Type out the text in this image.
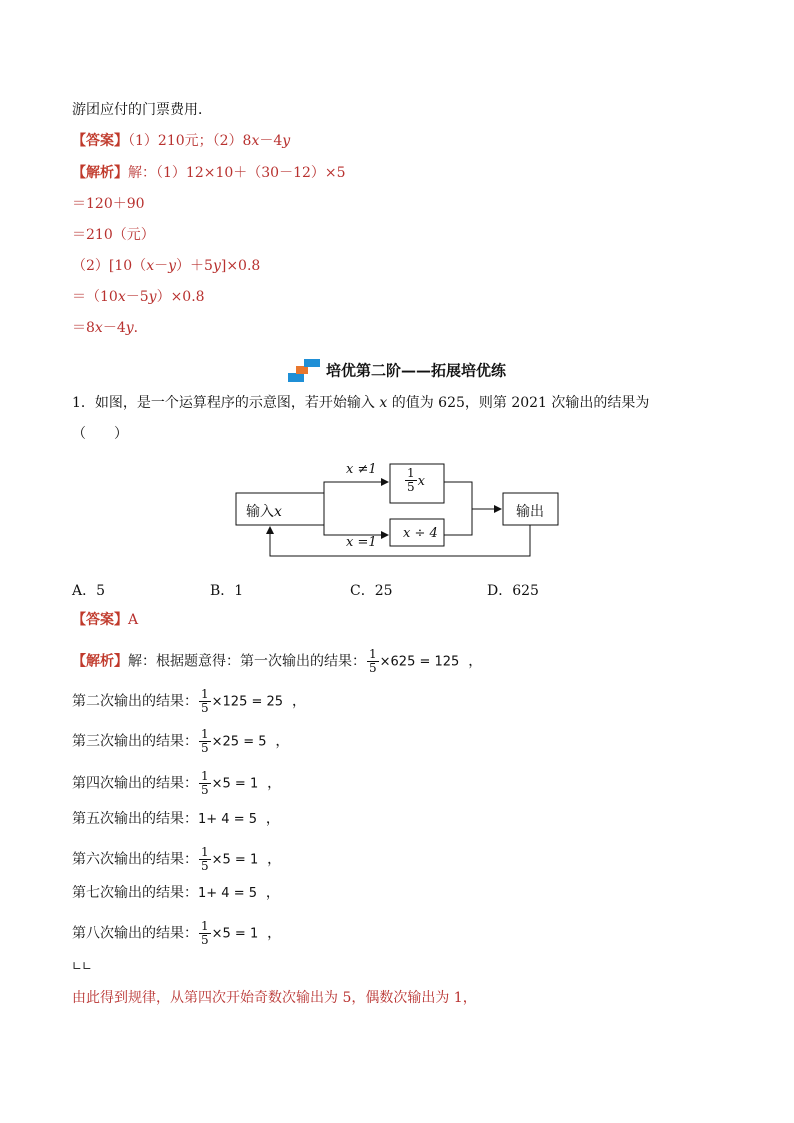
游团应付的门票费用．
【答案】（1）210元；（2）8x－4y
【解析】解：（1）12×10＋（30－12）×5
＝120＋90
＝210（元）
（2）[10（x－y）＋5y]×0.8
＝（10x－5y）×0.8
＝8x－4y．
培优第二阶——拓展培优练
1．如图，是一个运算程序的示意图，若开始输入 x 的值为 625，则第 2021 次输出的结果为
（　　）
输入x
x ≠1
x =1
$\frac{1}{5}$ x
x ÷ 4
输出
A．5	B．1	C．25	D．625
【答案】A
【解析】解：根据题意得：第一次输出的结果： $\frac{1}{5} \times 625 = 125$ ，
第二次输出的结果： $\frac{1}{5} \times 125 = 25$  ，
第三次输出的结果： $\frac{1}{5} \times 25 = 5$  ，
第四次输出的结果： $\frac{1}{5} \times 5 = 1$  ，
第五次输出的结果：1+ 4 = 5  ，
第六次输出的结果： $\frac{1}{5} \times 5 = 1$  ，
第七次输出的结果：1+ 4 = 5  ，
第八次输出的结果： $\frac{1}{5} \times 5 = 1$  ，
∟∟
由此得到规律，从第四次开始奇数次输出为 5，偶数次输出为 1，
